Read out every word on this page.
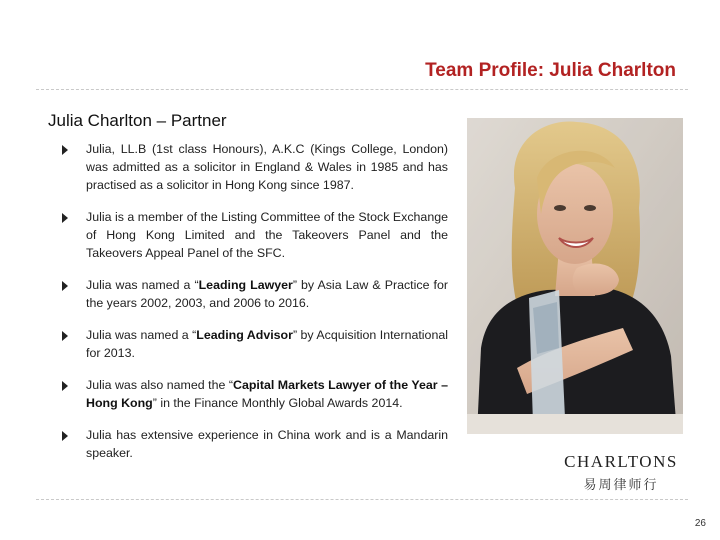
Team Profile: Julia Charlton
Julia Charlton – Partner
Julia, LL.B (1st class Honours), A.K.C (Kings College, London) was admitted as a solicitor in England & Wales in 1985 and has practised as a solicitor in Hong Kong since 1987.
Julia is a member of the Listing Committee of the Stock Exchange of Hong Kong Limited and the Takeovers Panel and the Takeovers Appeal Panel of the SFC.
Julia was named a “Leading Lawyer” by Asia Law & Practice for the years 2002, 2003, and 2006 to 2016.
Julia was named a “Leading Advisor” by Acquisition International for 2013.
Julia was also named the “Capital Markets Lawyer of the Year – Hong Kong” in the Finance Monthly Global Awards 2014.
Julia has extensive experience in China work and is a Mandarin speaker.	CHARLTONS
易周律师行
26
